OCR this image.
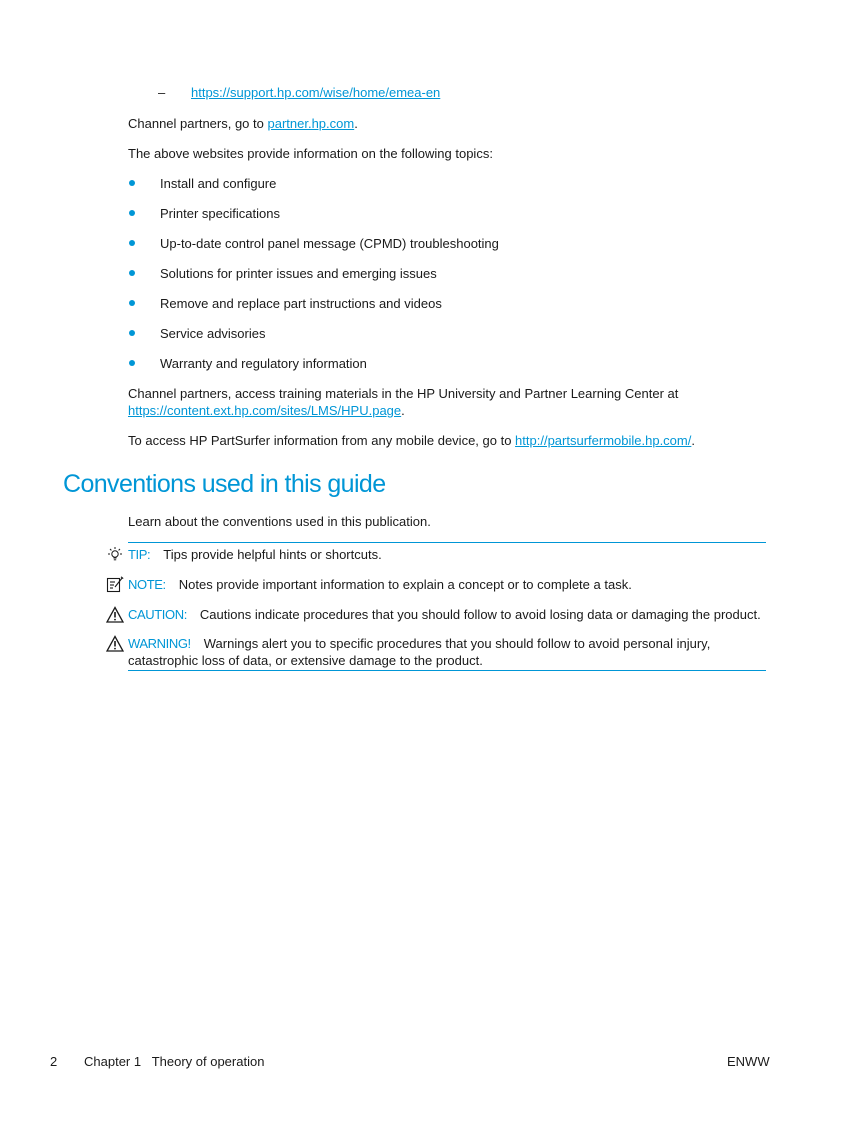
– https://support.hp.com/wise/home/emea-en
Channel partners, go to partner.hp.com.
The above websites provide information on the following topics:
Install and configure
Printer specifications
Up-to-date control panel message (CPMD) troubleshooting
Solutions for printer issues and emerging issues
Remove and replace part instructions and videos
Service advisories
Warranty and regulatory information
Channel partners, access training materials in the HP University and Partner Learning Center at
https://content.ext.hp.com/sites/LMS/HPU.page.
To access HP PartSurfer information from any mobile device, go to http://partsurfermobile.hp.com/.
Conventions used in this guide
Learn about the conventions used in this publication.
TIP: Tips provide helpful hints or shortcuts.
NOTE: Notes provide important information to explain a concept or to complete a task.
CAUTION: Cautions indicate procedures that you should follow to avoid losing data or damaging the product.
WARNING! Warnings alert you to specific procedures that you should follow to avoid personal injury,
catastrophic loss of data, or extensive damage to the product.
2 Chapter 1   Theory of operation	ENWW
